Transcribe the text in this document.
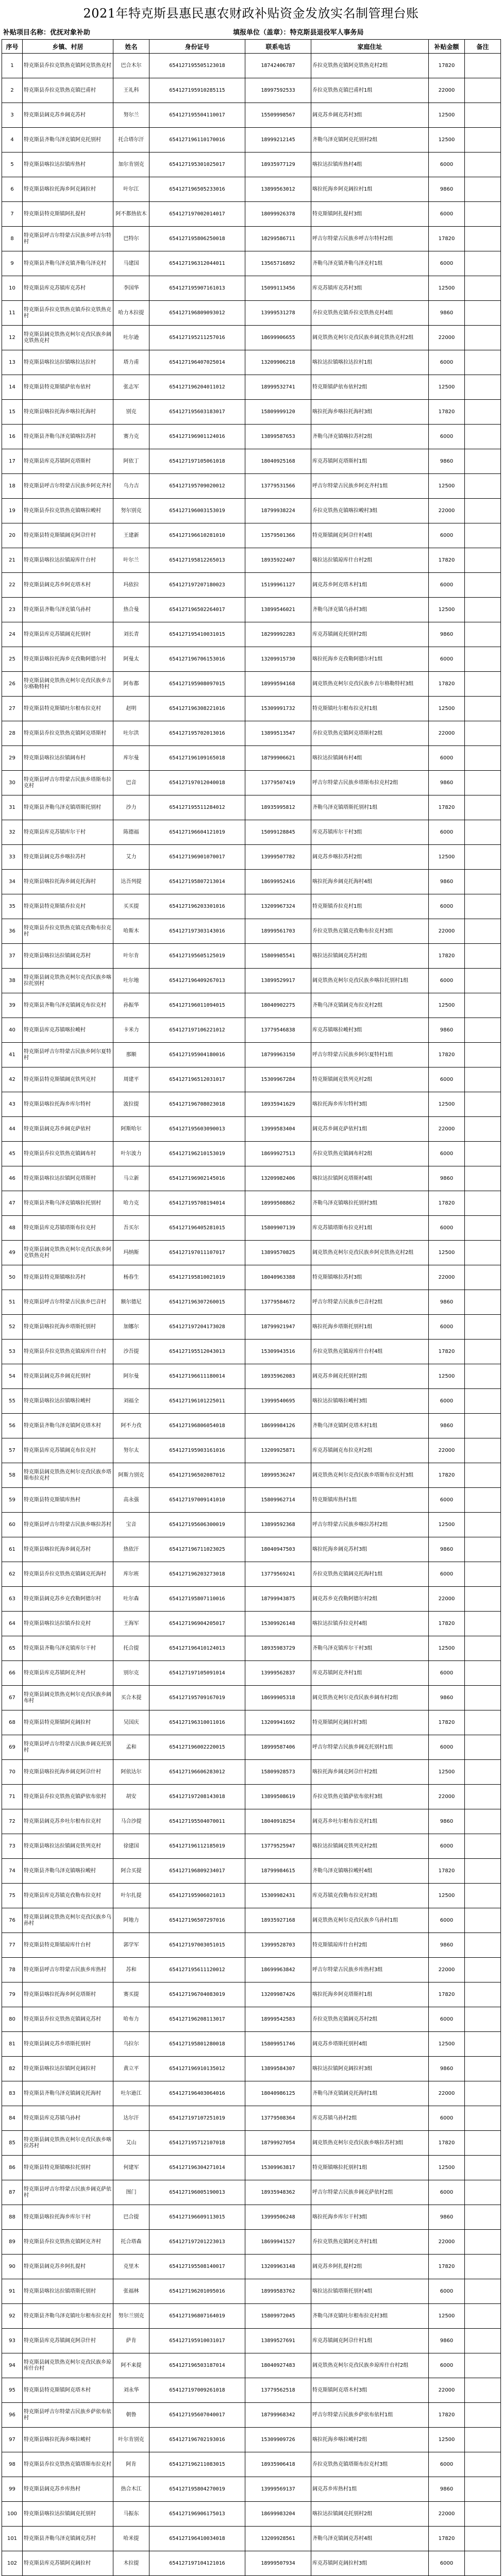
2021年特克斯县惠民惠农财政补贴资金发放实名制管理台账
补贴项目名称：优抚对象补助	填报单位（盖章）：特克斯县退役军人事务局
序号	乡镇、村居	姓名	身份证号	联系电话	家庭住址	补贴金额	备注
1	特克斯县乔拉克铁热克镇阿克铁热克村	巴合木尔	654127195505123018	18742406787	乔拉克铁热克镇阿克铁热克村2组	17820	
2	特克斯县乔拉克铁热克镇巴甫村	王礼科	654127195910285115	18997592533	乔拉克铁热克镇巴甫村1组	22000	
3	特克斯县阔克苏乡阔克苏村	努尔兰	654127195504110017	15509998567	阔克苏乡阔克苏村3组	12500	
4	特克斯县齐勒乌泽克镇阿克托别村	托合塔尔汗	654127196110170016	18999212145	齐勒乌泽克镇阿克托别村2组	12500	
5	特克斯县喀拉达拉镇库热村	加尔肯别克	654127195301025017	18935977129	喀拉达拉镇库热村4组	6000	
6	特克斯县喀拉托海乡阿克阔拉村	叶尔江	654127196505233016	13899563012	喀拉托海乡阿克阔拉村1组	9860	
7	特克斯县特克斯镇阿扎提村	阿不都热依木	654127197002014017	18099926378	特克斯镇阿扎提村3组	6000	
8	特克斯县呼吉尔特蒙古民族乡呼吉尔特村	巴特尔	654127195806250018	18299586711	呼吉尔特蒙古民族乡呼吉尔特村2组	17820	
9	特克斯县齐勒乌泽克镇齐勒乌泽克村	马建国	654127196312044011	13565716892	齐勒乌泽克镇齐勒乌泽克村1组	6000	
10	特克斯县库克苏镇库克苏村	李国华	654127195907161013	15099113456	库克苏镇库克苏村3组	12500	
11	特克斯县乔拉克铁热克镇乔拉克铁热克村	哈力木拉提	654127196809093012	13999531278	乔拉克铁热克镇乔拉克铁热克村4组	9860	
12	特克斯县阔克铁热克柯尔克孜民族乡阔克铁热克村	吐尔逊	654127195211257016	18699906655	阔克铁热克柯尔克孜民族乡阔克铁热克村2组	22000	
13	特克斯县喀拉达拉镇喀拉达拉村	塔力甫	654127196407025014	13209906218	喀拉达拉镇喀拉达拉村1组	6000	
14	特克斯县特克斯镇萨依布依村	张志军	654127196204011012	18999532741	特克斯镇萨依布依村2组	12500	
15	特克斯县喀拉托海乡喀拉托海村	别克	654127195603183017	15809999120	喀拉托海乡喀拉托海村3组	17820	
16	特克斯县齐勒乌泽克镇喀拉苏村	赛力克	654127196901124016	13899587653	齐勒乌泽克镇喀拉苏村2组	6000	
17	特克斯县库克苏镇阿克塔斯村	阿依丁	654127197105061018	18040925168	库克苏镇阿克塔斯村1组	9860	
18	特克斯县呼吉尔特蒙古民族乡阿克齐村	乌力吉	654127195709020012	13779531566	呼吉尔特蒙古民族乡阿克齐村1组	12500	
19	特克斯县乔拉克铁热克镇喀拉峻村	努尔别克	654127196003153019	18799938224	乔拉克铁热克镇喀拉峻村3组	22000	
20	特克斯县特克斯镇阔克阿尕什村	王建新	654127196610281010	13579501366	特克斯镇阔克阿尕什村4组	6000	
21	特克斯县喀拉达拉镇琼库什台村	叶尔兰	654127195812265013	18935922407	喀拉达拉镇琼库什台村2组	17820	
22	特克斯县阔克苏乡阿克塔木村	玛依拉	654127197207180023	15199961127	阔克苏乡阿克塔木村1组	6000	
23	特克斯县齐勒乌泽克镇乌孙村	热合曼	654127196502264017	13899546021	齐勒乌泽克镇乌孙村3组	12500	
24	特克斯县库克苏镇阔克托别村	刘长青	654127195410031015	18299992283	库克苏镇阔克托别村2组	9860	
25	特克斯县喀拉托海乡克孜勒阿德尔村	阿曼太	654127196706153016	13209915730	喀拉托海乡克孜勒阿德尔村1组	6000	
26	特克斯县阔克铁热克柯尔克孜民族乡吉尔格勒特村	阿布都	654127195908097015	18999594168	阔克铁热克柯尔克孜民族乡吉尔格勒特村3组	17820	
27	特克斯县特克斯镇吐尔根布拉克村	赵明	654127196308221016	15309991732	特克斯镇吐尔根布拉克村1组	12500	
28	特克斯县乔拉克铁热克镇阿克塔斯村	吐尔洪	654127195702013016	13899513547	乔拉克铁热克镇阿克塔斯村2组	22000	
29	特克斯县喀拉达拉镇阔布村	库尔曼	654127196109165018	18799906621	喀拉达拉镇阔布村4组	6000	
30	特克斯县呼吉尔特蒙古民族乡塔斯布拉克村	巴音	654127197012040018	13779507419	呼吉尔特蒙古民族乡塔斯布拉克村2组	9860	
31	特克斯县齐勒乌泽克镇塔斯托别村	沙力	654127195511284012	18935995812	齐勒乌泽克镇塔斯托别村1组	17820	
32	特克斯县库克苏镇库尔干村	陈德福	654127196604121019	15099128845	库克苏镇库尔干村3组	6000	
33	特克斯县阔克苏乡喀拉苏村	艾力	654127196901070017	13999507782	阔克苏乡喀拉苏村2组	12500	
34	特克斯县喀拉托海乡阔克托海村	达吾列提	654127195807213014	18699952416	喀拉托海乡阔克托海村4组	9860	
35	特克斯县特克斯镇乔拉克村	买买提	654127196203301016	13209967324	特克斯镇乔拉克村1组	6000	
36	特克斯县乔拉克铁热克镇克孜勒布拉克村	哈斯木	654127197303143016	18999561703	乔拉克铁热克镇克孜勒布拉克村3组	22000	
37	特克斯县喀拉达拉镇阔克苏村	叶尔肯	654127195605125019	15809985541	喀拉达拉镇阔克苏村2组	17820	
38	特克斯县阔克铁热克柯尔克孜民族乡喀拉托别村	吐尔地	654127196409267013	13899529917	阔克铁热克柯尔克孜民族乡喀拉托别村1组	6000	
39	特克斯县齐勒乌泽克镇阔克布拉克村	孙振华	654127196011094015	18040902275	齐勒乌泽克镇阔克布拉克村2组	12500	
40	特克斯县库克苏镇喀拉峻村	卡米力	654127197106221012	13779546838	库克苏镇喀拉峻村3组	9860	
41	特克斯县呼吉尔特蒙古民族乡阿尔夏特村	那顺	654127195904180016	18799963150	呼吉尔特蒙古民族乡阿尔夏特村1组	17820	
42	特克斯县特克斯镇阔克铁列克村	周建平	654127196512031017	15309967284	特克斯镇阔克铁列克村2组	6000	
43	特克斯县喀拉托海乡库尔特村	波拉提	654127196708023018	18935941629	喀拉托海乡库尔特村3组	12500	
44	特克斯县阔克苏乡阔克萨依村	阿斯哈尔	654127195603090013	13999583404	阔克苏乡阔克萨依村1组	22000	
45	特克斯县乔拉克铁热克镇阔布村	叶尔波力	654127196210153019	18699927513	乔拉克铁热克镇阔布村2组	6000	
46	特克斯县喀拉达拉镇阿克塔斯村	马立新	654127196902145016	13209982406	喀拉达拉镇阿克塔斯村4组	9860	
47	特克斯县齐勒乌泽克镇喀拉托别村	哈力克	654127195708194014	18999508862	齐勒乌泽克镇喀拉托别村3组	17820	
48	特克斯县库克苏镇塔斯布拉克村	吾买尔	654127196405281015	15809907139	库克苏镇塔斯布拉克村1组	6000	
49	特克斯县阔克铁热克柯尔克孜民族乡阿克铁热克村	玛纳斯	654127197011107017	13899570825	阔克铁热克柯尔克孜民族乡阿克铁热克村2组	12500	
50	特克斯县特克斯镇喀拉苏村	杨春生	654127195810021019	18040963388	特克斯镇喀拉苏村3组	22000	
51	特克斯县呼吉尔特蒙古民族乡巴音村	额尔德尼	654127196307260015	13779584672	呼吉尔特蒙古民族乡巴音村2组	9860	
52	特克斯县喀拉托海乡塔斯托别村	加娜尔	654127197204173028	18799921947	喀拉托海乡塔斯托别村1组	6000	
53	特克斯县乔拉克铁热克镇琼库什台村	沙吾提	654127195512043013	15309943516	乔拉克铁热克镇琼库什台村4组	17820	
54	特克斯县阔克苏乡阔克托别村	阿尔曼	654127196611180014	18935962083	阔克苏乡阔克托别村2组	12500	
55	特克斯县喀拉达拉镇喀拉峻村	刘福全	654127196101225011	13999540695	喀拉达拉镇喀拉峻村3组	6000	
56	特克斯县齐勒乌泽克镇阿克塔木村	阿不力孜	654127196806054018	18699984126	齐勒乌泽克镇阿克塔木村1组	9860	
57	特克斯县库克苏镇阔克布拉克村	努尔太	654127195903161016	13209925871	库克苏镇阔克布拉克村2组	22000	
58	特克斯县阔克铁热克柯尔克孜民族乡塔斯布拉克村	阿斯力别克	654127196502087012	18999536247	阔克铁热克柯尔克孜民族乡塔斯布拉克村3组	17820	
59	特克斯县特克斯镇库热村	高永强	654127197009141010	15809962714	特克斯镇库热村1组	6000	
60	特克斯县呼吉尔特蒙古民族乡喀拉苏村	宝音	654127195606300019	13899592368	呼吉尔特蒙古民族乡喀拉苏村2组	12500	
61	特克斯县喀拉托海乡阔克苏村	热依汗	654127196711023025	18040947503	喀拉托海乡阔克苏村3组	9860	
62	特克斯县乔拉克铁热克镇阔克托海村	库尔班	654127196203273018	13779569241	乔拉克铁热克镇阔克托海村1组	6000	
63	特克斯县阔克苏乡克孜勒阿德尔村	吐尔森	654127195807110016	18799943875	阔克苏乡克孜勒阿德尔村2组	22000	
64	特克斯县喀拉达拉镇乔拉克村	王海军	654127196904205017	15309926148	喀拉达拉镇乔拉克村4组	17820	
65	特克斯县齐勒乌泽克镇库尔干村	托合提	654127196410124013	18935983729	齐勒乌泽克镇库尔干村3组	12500	
66	特克斯县库克苏镇阿克齐村	别尔克	654127197105091014	13999562837	库克苏镇阿克齐村1组	6000	
67	特克斯县阔克铁热克柯尔克孜民族乡阔布村	买合木提	654127195709167019	18699905318	阔克铁热克柯尔克孜民族乡阔布村2组	9860	
68	特克斯县特克斯镇阿克阔拉村	吴国庆	654127196310011016	13209941692	特克斯镇阿克阔拉村3组	17820	
69	特克斯县呼吉尔特蒙古民族乡阔克托别村	孟和	654127196002220015	18999587406	呼吉尔特蒙古民族乡阔克托别村1组	6000	
70	特克斯县喀拉托海乡阔克阿尕什村	阿依达尔	654127196606283012	15809928573	喀拉托海乡阔克阿尕什村2组	12500	
71	特克斯县乔拉克铁热克镇萨依布依村	胡安	654127197208143018	13899508619	乔拉克铁热克镇萨依布依村3组	22000	
72	特克斯县阔克苏乡吐尔根布拉克村	马合沙提	654127195504070011	18040918254	阔克苏乡吐尔根布拉克村1组	9860	
73	特克斯县喀拉达拉镇阔克铁列克村	徐建国	654127196112185019	13779525947	喀拉达拉镇阔克铁列克村2组	6000	
74	特克斯县齐勒乌泽克镇喀拉峻村	阿合买提	654127196809234017	18799984615	齐勒乌泽克镇喀拉峻村4组	17820	
75	特克斯县库克苏镇克孜勒布拉克村	叶尔扎提	654127195906021013	15309982431	库克苏镇克孜勒布拉克村3组	12500	
76	特克斯县阔克铁热克柯尔克孜民族乡乌孙村	阿地力	654127196507297016	18935927168	阔克铁热克柯尔克孜民族乡乌孙村1组	6000	
77	特克斯县特克斯镇琼库什台村	郭学军	654127197003051015	13999528703	特克斯镇琼库什台村2组	9860	
78	特克斯县呼吉尔特蒙古民族乡库热村	苏和	654127195611120012	18699963842	呼吉尔特蒙古民族乡库热村3组	22000	
79	特克斯县喀拉托海乡阿克塔斯村	赛买提	654127196704083019	13209987426	喀拉托海乡阿克塔斯村1组	17820	
80	特克斯县乔拉克铁热克镇阔克苏村	哈布力	654127196208113017	18999542583	乔拉克铁热克镇阔克苏村2组	6000	
81	特克斯县阔克苏乡塔斯托别村	乌拉尔	654127195801280018	15809951746	阔克苏乡塔斯托别村4组	12500	
82	特克斯县喀拉达拉镇阿克阔拉村	黄立平	654127196910135012	13899584307	喀拉达拉镇阿克阔拉村3组	9860	
83	特克斯县齐勒乌泽克镇阔克托海村	吐尔逊江	654127196403064016	18040986125	齐勒乌泽克镇阔克托海村1组	22000	
84	特克斯县库克苏镇乌孙村	达尔汗	654127197107251019	13779508364	库克苏镇乌孙村2组	6000	
85	特克斯县阔克铁热克柯尔克孜民族乡喀拉苏村	艾山	654127195712107018	18799927054	阔克铁热克柯尔克孜民族乡喀拉苏村3组	17820	
86	特克斯县特克斯镇喀拉托别村	何建军	654127196304271014	15309963817	特克斯镇喀拉托别村1组	12500	
87	特克斯县呼吉尔特蒙古民族乡阔克萨依村	图门	654127196005190013	18935948362	呼吉尔特蒙古民族乡阔克萨依村2组	6000	
88	特克斯县喀拉托海乡库尔干村	巴合提	654127196609113015	13999506248	喀拉托海乡库尔干村3组	9860	
89	特克斯县乔拉克铁热克镇阿克齐村	托合塔森	654127197201223013	18699941527	乔拉克铁热克镇阿克齐村1组	22000	
90	特克斯县阔克苏乡阿扎提村	克里木	654127195508140017	13209963148	阔克苏乡阿扎提村2组	17820	
91	特克斯县喀拉达拉镇塔斯托别村	张福林	654127196201095016	18999583762	喀拉达拉镇塔斯托别村4组	6000	
92	特克斯县齐勒乌泽克镇吐尔根布拉克村	努尔兰别克	654127196807164019	15809972045	齐勒乌泽克镇吐尔根布拉克村3组	12500	
93	特克斯县库克苏镇阔克阿尕什村	萨肯	654127195910031017	13899527691	库克苏镇阔克阿尕什村1组	9860	
94	特克斯县阔克铁热克柯尔克孜民族乡琼库什台村	阿不来提	654127196503187014	18040927483	阔克铁热克柯尔克孜民族乡琼库什台村2组	6000	
95	特克斯县特克斯镇阿克塔木村	刘永华	654127197009261018	13779562518	特克斯镇阿克塔木村3组	22000	
96	特克斯县呼吉尔特蒙古民族乡萨依布依村	朝鲁	654127195607040017	18799968342	呼吉尔特蒙古民族乡萨依布依村1组	17820	
97	特克斯县喀拉托海乡喀拉峻村	叶尔肯别克	654127196702193016	15309909726	喀拉托海乡喀拉峻村2组	12500	
98	特克斯县乔拉克铁热克镇塔斯布拉克村	阿肯	654127196211083015	18935906418	乔拉克铁热克镇塔斯布拉克村3组	6000	
99	特克斯县阔克苏乡库热村	热合木江	654127195804270019	13999569137	阔克苏乡库热村1组	9860	
100	特克斯县喀拉达拉镇阔克托别村	马振东	654127196906175013	18699983204	喀拉达拉镇阔克托别村2组	22000	
101	特克斯县齐勒乌泽克镇阔克苏村	哈米提	654127196410034018	13209928561	齐勒乌泽克镇阔克苏村4组	17820	
102	特克斯县库克苏镇阿克阔拉村	木拉提	654127197104121016	18999507934	库克苏镇阿克阔拉村3组	6000	
